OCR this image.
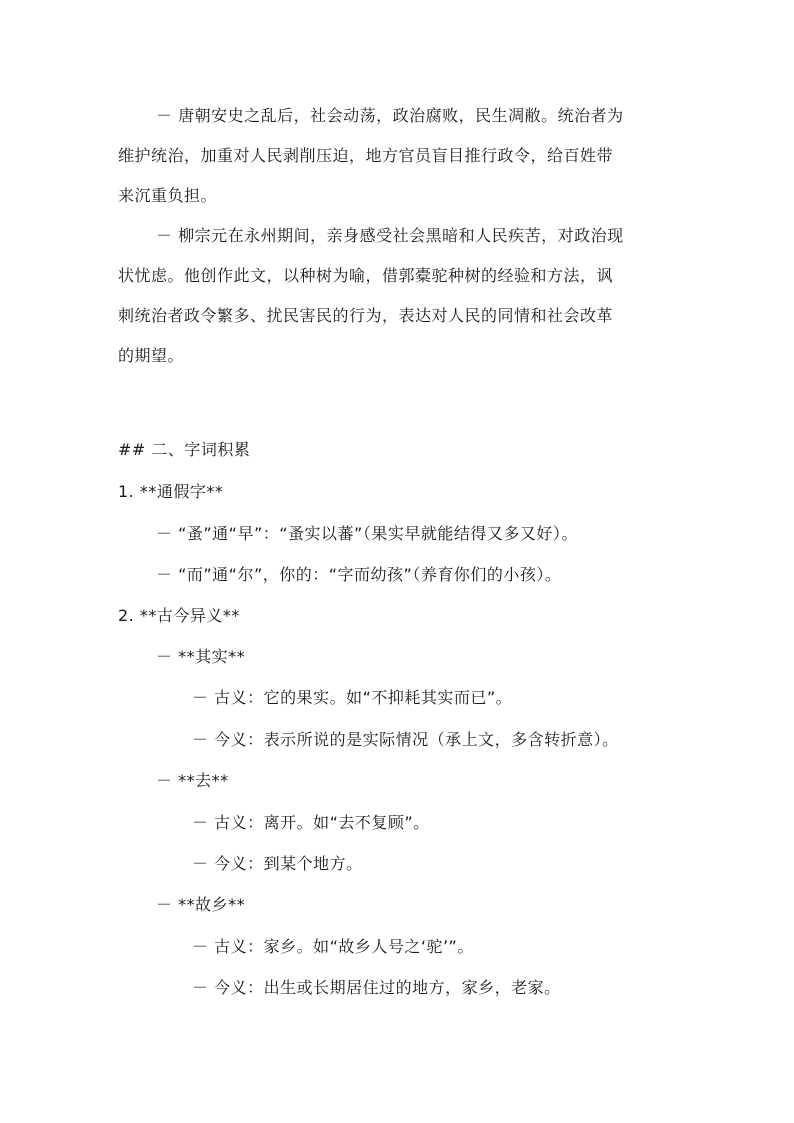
－ 唐朝安史之乱后，社会动荡，政治腐败，民生凋敝。统治者为
维护统治，加重对人民剥削压迫，地方官员盲目推行政令，给百姓带
来沉重负担。
－ 柳宗元在永州期间，亲身感受社会黑暗和人民疾苦，对政治现
状忧虑。他创作此文，以种树为喻，借郭橐驼种树的经验和方法，讽
刺统治者政令繁多、扰民害民的行为，表达对人民的同情和社会改革
的期望。
## 二、字词积累
1. **通假字**
－ “蚤”通“早”：“蚤实以蕃”（果实早就能结得又多又好）。
－ “而”通“尔”，你的：“字而幼孩”（养育你们的小孩）。
2. **古今异义**
－ **其实**
－ 古义：它的果实。如“不抑耗其实而已”。
－ 今义：表示所说的是实际情况（承上文，多含转折意）。
－ **去**
－ 古义：离开。如“去不复顾”。
－ 今义：到某个地方。
－ **故乡**
－ 古义：家乡。如“故乡人号之‘驼’”。
－ 今义：出生或长期居住过的地方，家乡，老家。
